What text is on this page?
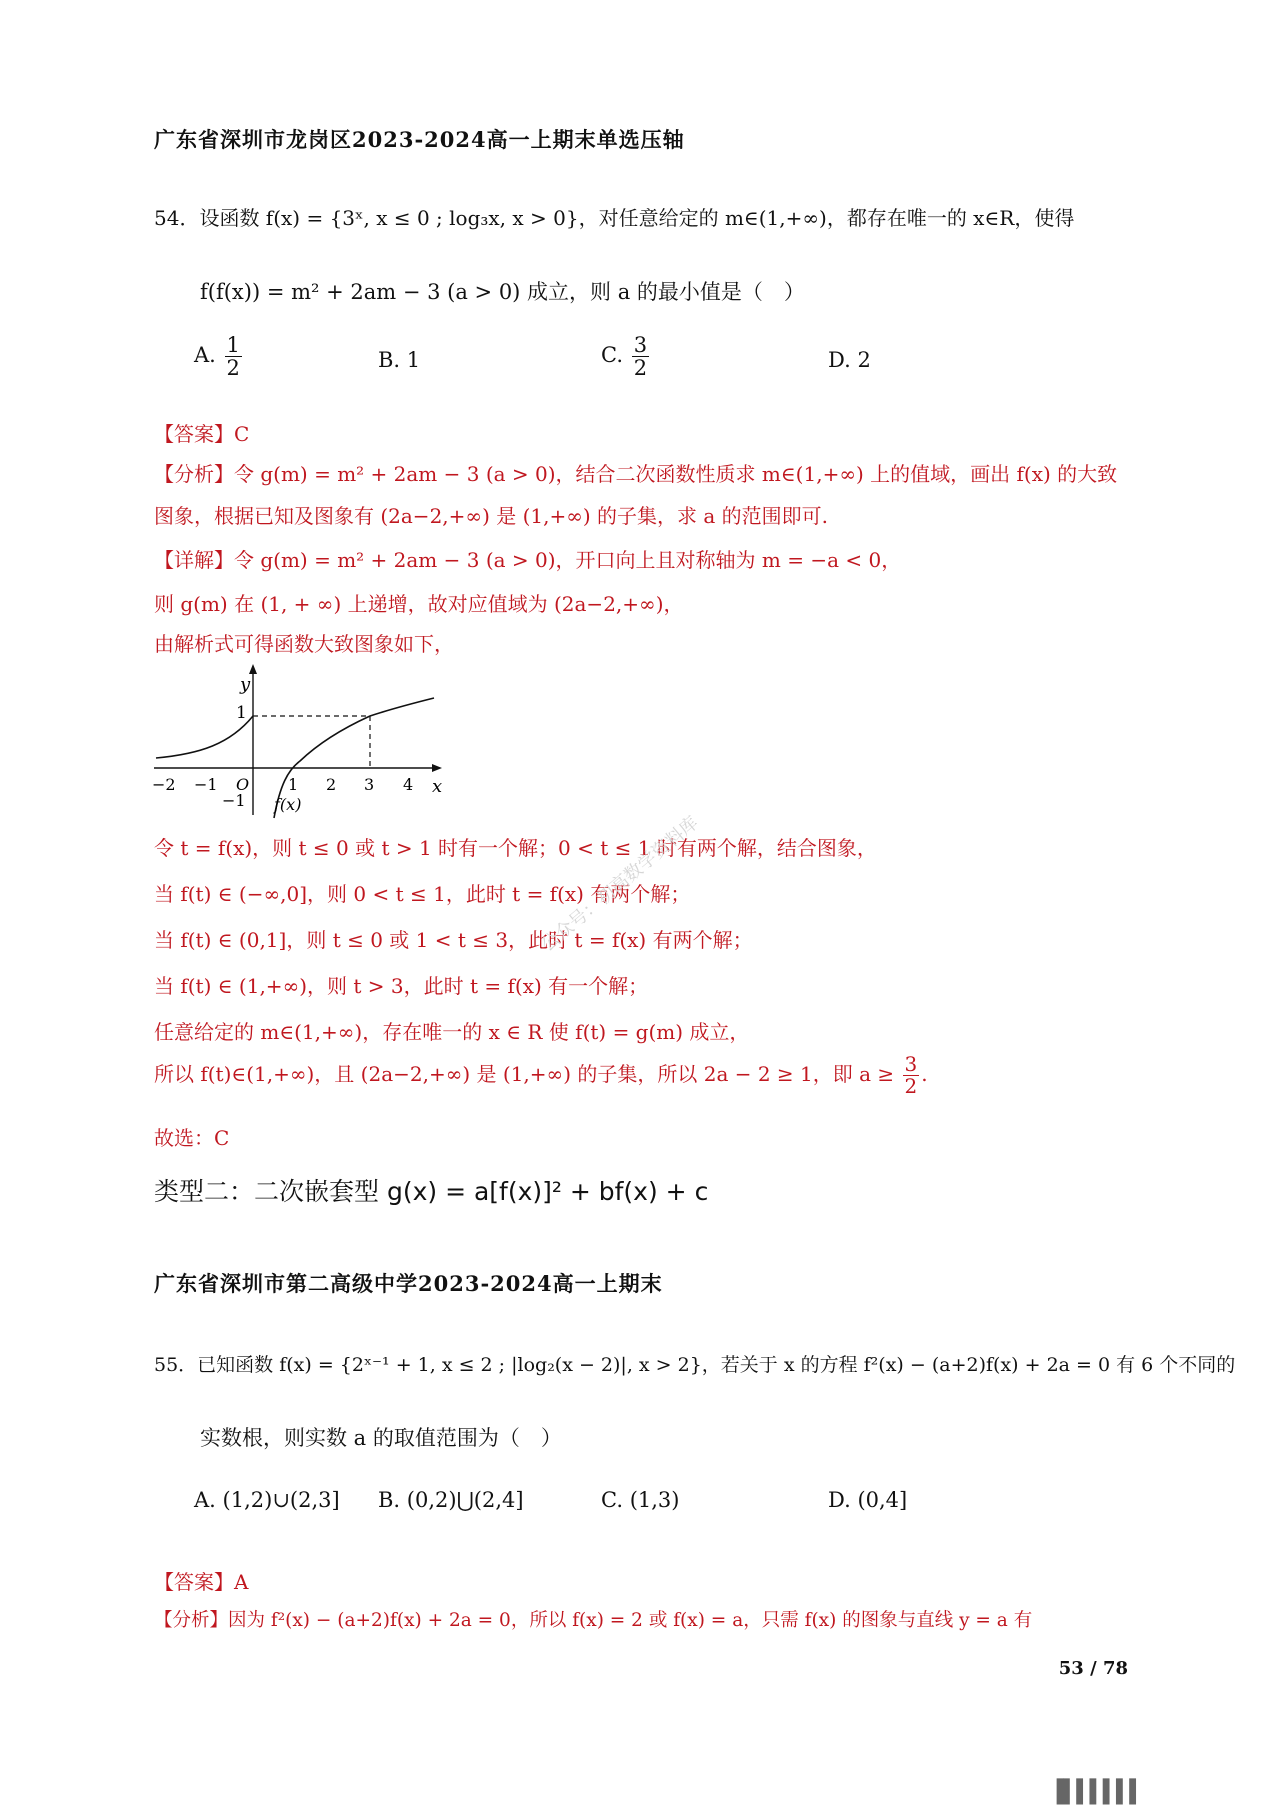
广东省深圳市龙岗区2023-2024高一上期末单选压轴
54．设函数 f(x) = {3ˣ, x ≤ 0 ; log₃x, x > 0}，对任意给定的 m∈(1,+∞)，都存在唯一的 x∈R，使得
f(f(x)) = m² + 2am − 3 (a > 0) 成立，则 a 的最小值是（　）
A. $\frac{1}{2}$	B. 1	C. $\frac{3}{2}$	D. 2
【答案】C
【分析】令 g(m) = m² + 2am − 3 (a > 0)，结合二次函数性质求 m∈(1,+∞) 上的值域，画出 f(x) 的大致
图象，根据已知及图象有 (2a−2,+∞) 是 (1,+∞) 的子集，求 a 的范围即可.
【详解】令 g(m) = m² + 2am − 3 (a > 0)，开口向上且对称轴为 m = −a < 0，
则 g(m) 在 (1, + ∞) 上递增，故对应值域为 (2a−2,+∞)，
由解析式可得函数大致图象如下，
y
x
1
O
−1
−2 −1	1 2 3 4
f(x)
令 t = f(x)，则 t ≤ 0 或 t > 1 时有一个解；0 < t ≤ 1 时有两个解，结合图象，
当 f(t) ∈ (−∞,0]，则 0 < t ≤ 1，此时 t = f(x) 有两个解；
当 f(t) ∈ (0,1]，则 t ≤ 0 或 1 < t ≤ 3，此时 t = f(x) 有两个解；
当 f(t) ∈ (1,+∞)，则 t > 3，此时 t = f(x) 有一个解；
任意给定的 m∈(1,+∞)，存在唯一的 x ∈ R 使 f(t) = g(m) 成立，
所以 f(t)∈(1,+∞)，且 (2a−2,+∞) 是 (1,+∞) 的子集，所以 2a − 2 ≥ 1，即 $a \ge \frac{3}{2}$ .
故选：C
公众号：初高数学资料库
类型二：二次嵌套型 g(x) = a[f(x)]² + bf(x) + c
广东省深圳市第二高级中学2023-2024高一上期末
55．已知函数 f(x) = {2ˣ⁻¹ + 1, x ≤ 2 ; |log₂(x − 2)|, x > 2}，若关于 x 的方程 f²(x) − (a+2)f(x) + 2a = 0 有 6 个不同的
实数根，则实数 a 的取值范围为（　）
A. (1,2)∪(2,3] B. (0,2)⋃(2,4]	C. (1,3)	D. (0,4]
【答案】A
【分析】因为 f²(x) − (a+2)f(x) + 2a = 0，所以 f(x) = 2 或 f(x) = a，只需 f(x) 的图象与直线 y = a 有
53 / 78
▐▌▌▌▌▌▌
